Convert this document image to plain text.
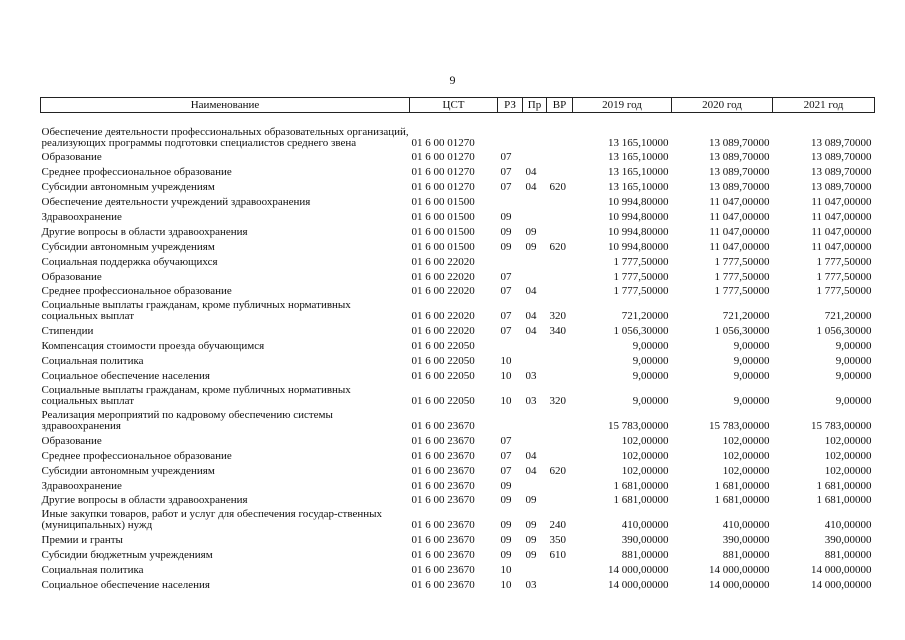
9
Наименование	ЦСТ	РЗ	Пр	ВР	2019 год	2020 год	2021 год
Обеспечение деятельности профессиональных образовательных организаций, реализующих программы подготовки специалистов среднего звена	01 6 00 01270				13 165,10000	13 089,70000	13 089,70000
Образование	01 6 00 01270	07			13 165,10000	13 089,70000	13 089,70000
Среднее профессиональное образование	01 6 00 01270	07	04		13 165,10000	13 089,70000	13 089,70000
Субсидии автономным учреждениям	01 6 00 01270	07	04	620	13 165,10000	13 089,70000	13 089,70000
Обеспечение деятельности учреждений здравоохранения	01 6 00 01500				10 994,80000	11 047,00000	11 047,00000
Здравоохранение	01 6 00 01500	09			10 994,80000	11 047,00000	11 047,00000
Другие вопросы в области здравоохранения	01 6 00 01500	09	09		10 994,80000	11 047,00000	11 047,00000
Субсидии автономным учреждениям	01 6 00 01500	09	09	620	10 994,80000	11 047,00000	11 047,00000
Социальная поддержка обучающихся	01 6 00 22020				1 777,50000	1 777,50000	1 777,50000
Образование	01 6 00 22020	07			1 777,50000	1 777,50000	1 777,50000
Среднее профессиональное образование	01 6 00 22020	07	04		1 777,50000	1 777,50000	1 777,50000
Социальные выплаты гражданам, кроме публичных нормативных социальных выплат	01 6 00 22020	07	04	320	721,20000	721,20000	721,20000
Стипендии	01 6 00 22020	07	04	340	1 056,30000	1 056,30000	1 056,30000
Компенсация стоимости проезда обучающимся	01 6 00 22050				9,00000	9,00000	9,00000
Социальная политика	01 6 00 22050	10			9,00000	9,00000	9,00000
Социальное обеспечение населения	01 6 00 22050	10	03		9,00000	9,00000	9,00000
Социальные выплаты гражданам, кроме публичных нормативных социальных выплат	01 6 00 22050	10	03	320	9,00000	9,00000	9,00000
Реализация мероприятий по кадровому обеспечению системы здравоохранения	01 6 00 23670				15 783,00000	15 783,00000	15 783,00000
Образование	01 6 00 23670	07			102,00000	102,00000	102,00000
Среднее профессиональное образование	01 6 00 23670	07	04		102,00000	102,00000	102,00000
Субсидии автономным учреждениям	01 6 00 23670	07	04	620	102,00000	102,00000	102,00000
Здравоохранение	01 6 00 23670	09			1 681,00000	1 681,00000	1 681,00000
Другие вопросы в области здравоохранения	01 6 00 23670	09	09		1 681,00000	1 681,00000	1 681,00000
Иные закупки товаров, работ и услуг для обеспечения государ-ственных (муниципальных) нужд	01 6 00 23670	09	09	240	410,00000	410,00000	410,00000
Премии и гранты	01 6 00 23670	09	09	350	390,00000	390,00000	390,00000
Субсидии бюджетным учреждениям	01 6 00 23670	09	09	610	881,00000	881,00000	881,00000
Социальная политика	01 6 00 23670	10			14 000,00000	14 000,00000	14 000,00000
Социальное обеспечение населения	01 6 00 23670	10	03		14 000,00000	14 000,00000	14 000,00000
